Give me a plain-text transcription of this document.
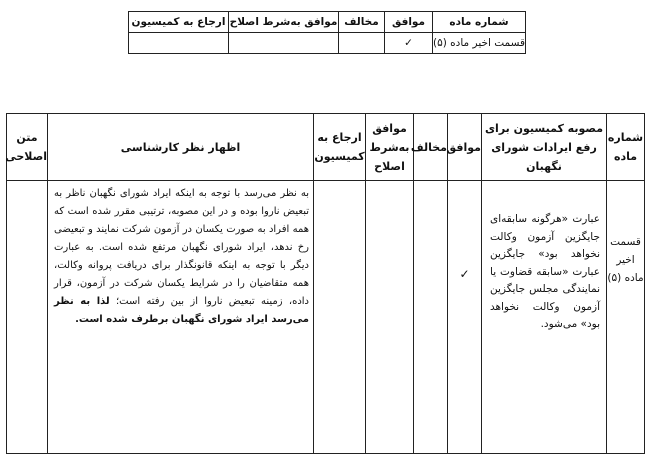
شماره ماده	موافق	مخالف	موافق به‌شرط اصلاح	ارجاع به کمیسیون
قسمت اخیر ماده (۵)	✓			
شماره ماده	مصوبه کمیسیون برای رفع ایرادات شورای نگهبان	موافق	مخالف	موافق به‌شرط اصلاح	ارجاع به کمیسیون	اظهار نظر کارشناسی	متن اصلاحی
قسمت اخیر ماده (۵)	عبارت «هرگونه سابقه‌ای جایگزین آزمون وکالت نخواهد بود» جایگزین عبارت «سابقه قضاوت یا نمایندگی مجلس جایگزین آزمون وکالت نخواهد بود» می‌شود.	✓				به نظر می‌رسد با توجه به اینکه ایراد شورای نگهبان ناظر به تبعیض ناروا بوده و در این مصوبه، ترتیبی مقرر شده است که همه افراد به صورت یکسان در آزمون شرکت نمایند و تبعیضی رخ ندهد، ایراد شورای نگهبان مرتفع شده است. به عبارت دیگر با توجه به اینکه قانونگذار برای دریافت پروانه وکالت، همه متقاضیان را در شرایط یکسان شرکت در آزمون، قرار داده، زمینه تبعیض ناروا از بین رفته است؛ لذا به نظر می‌رسد ایراد شورای نگهبان برطرف شده است.	
